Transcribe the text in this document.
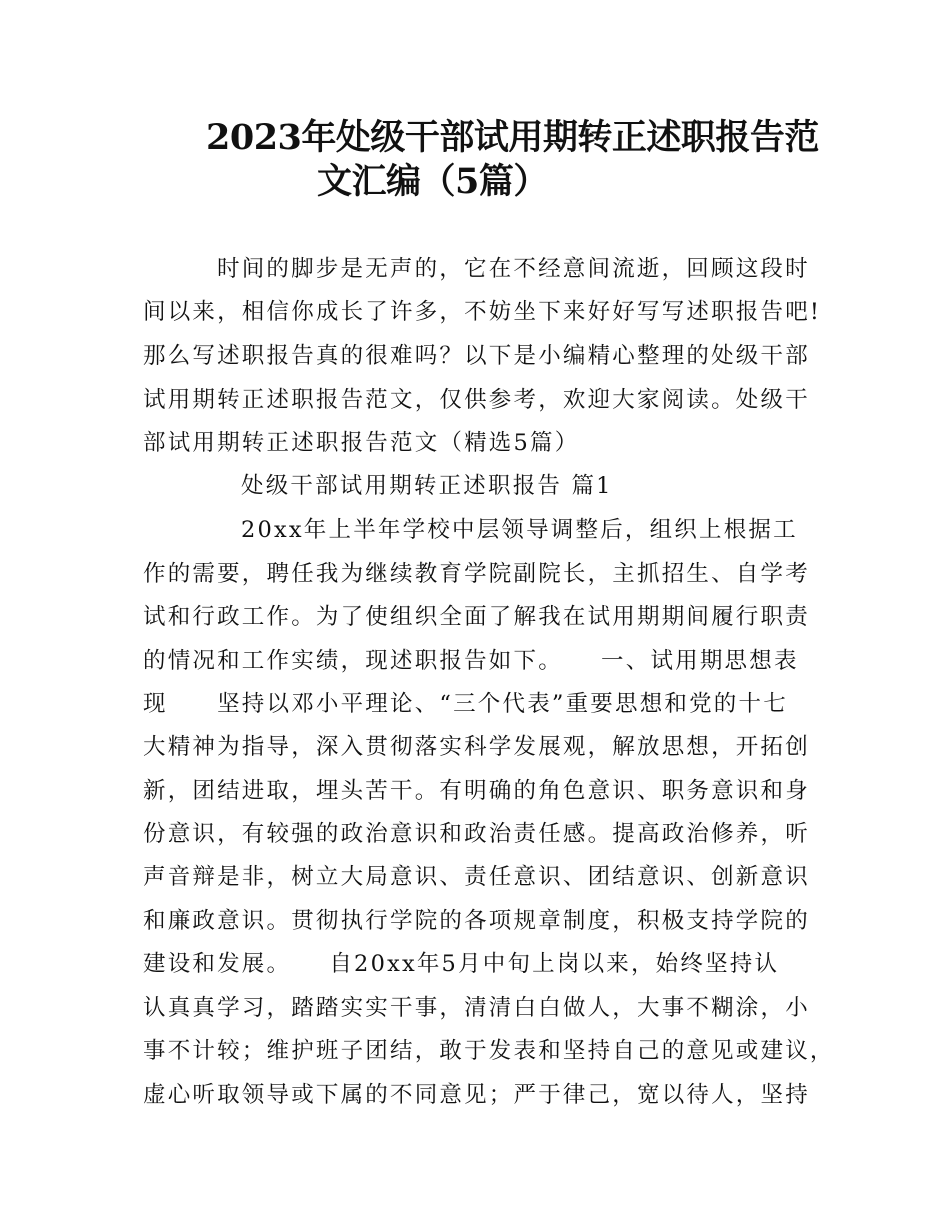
2023年处级干部试用期转正述职报告范
文汇编（5篇）
时间的脚步是无声的，它在不经意间流逝，回顾这段时
间以来，相信你成长了许多，不妨坐下来好好写写述职报告吧!
那么写述职报告真的很难吗？以下是小编精心整理的处级干部
试用期转正述职报告范文，仅供参考，欢迎大家阅读。处级干
部试用期转正述职报告范文（精选5篇）
处级干部试用期转正述职报告 篇1
20xx年上半年学校中层领导调整后，组织上根据工
作的需要，聘任我为继续教育学院副院长，主抓招生、自学考
试和行政工作。为了使组织全面了解我在试用期期间履行职责
的情况和工作实绩，现述职报告如下。　　一、试用期思想表
现　　坚持以邓小平理论、“三个代表”重要思想和党的十七
大精神为指导，深入贯彻落实科学发展观，解放思想，开拓创
新，团结进取，埋头苦干。有明确的角色意识、职务意识和身
份意识，有较强的政治意识和政治责任感。提高政治修养，听
声音辩是非，树立大局意识、责任意识、团结意识、创新意识
和廉政意识。贯彻执行学院的各项规章制度，积极支持学院的
建设和发展。　　自20xx年5月中旬上岗以来，始终坚持认
认真真学习，踏踏实实干事，清清白白做人，大事不糊涂，小
事不计较；维护班子团结，敢于发表和坚持自己的意见或建议，
虚心听取领导或下属的不同意见；严于律己，宽以待人，坚持
